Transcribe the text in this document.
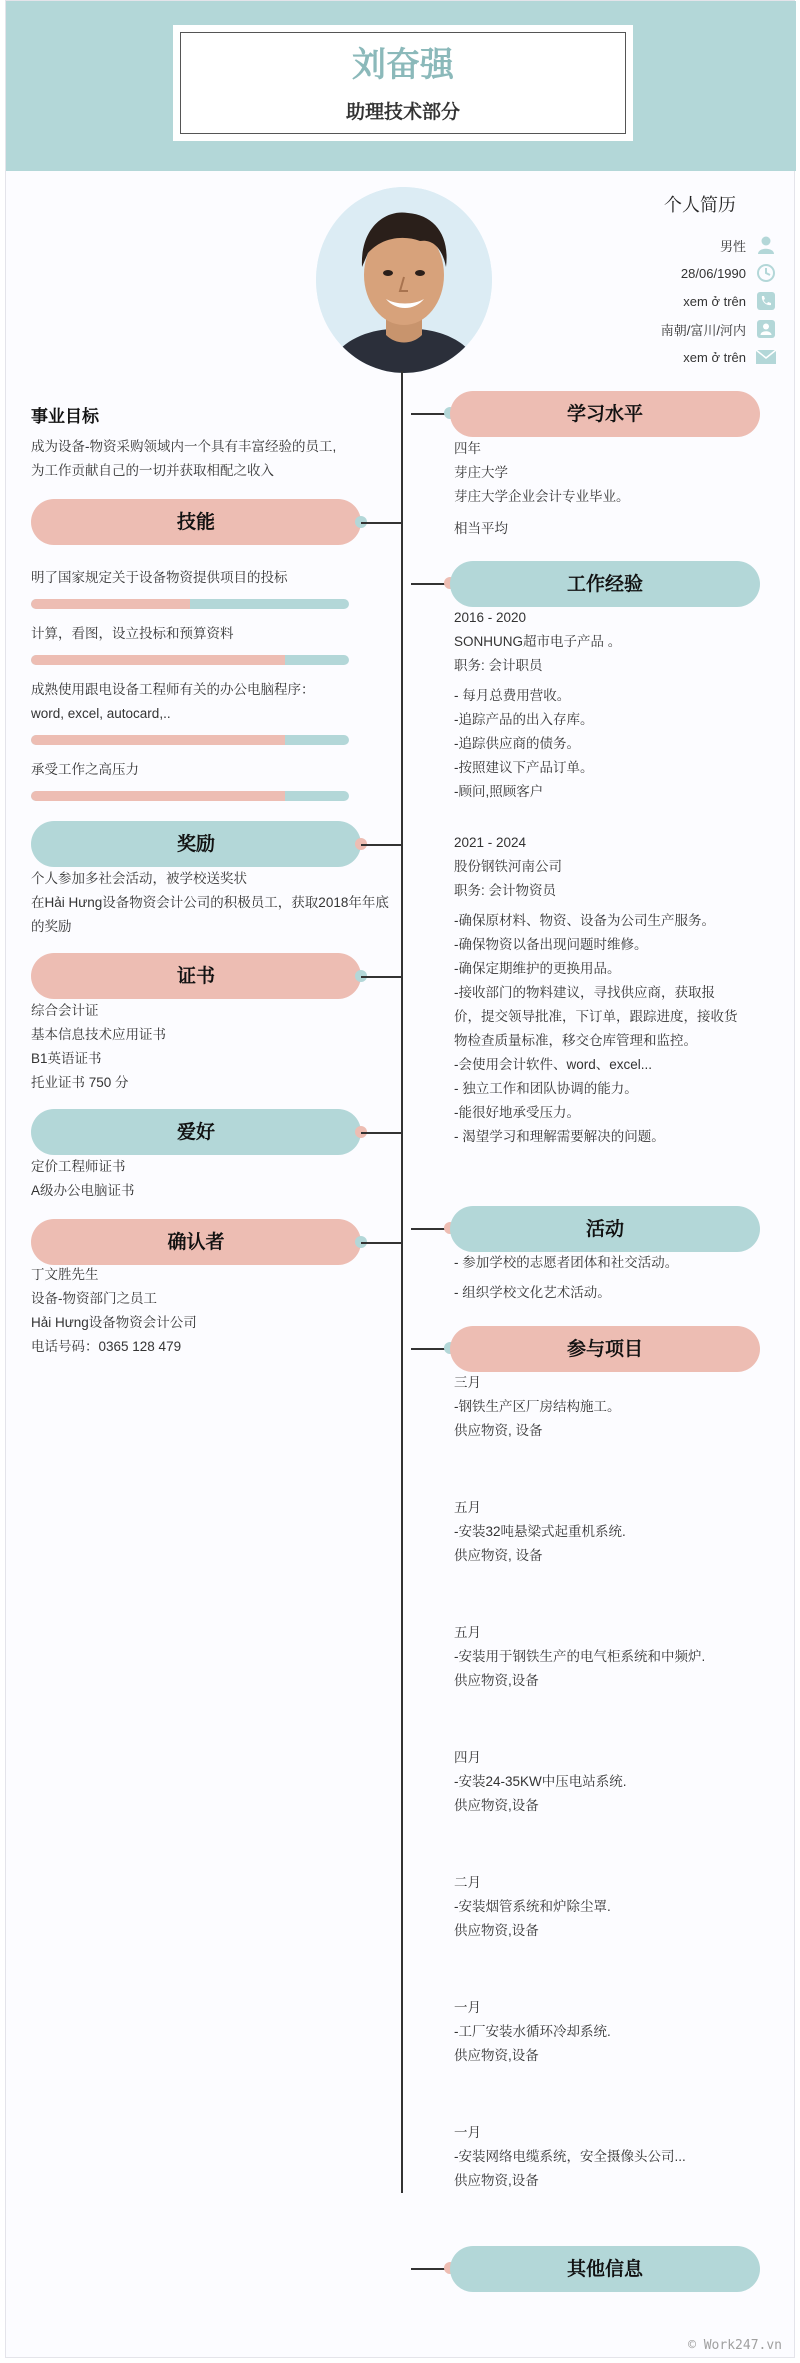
刘奋强
助理技术部分
个人简历
男性
28/06/1990
xem ở trên
南朝/富川/河内
xem ở trên
事业目标
成为设备-物资采购领域内一个具有丰富经验的员工,
为工作贡献自己的一切并获取相配之收入
技能
明了国家规定关于设备物资提供项目的投标
计算，看图，设立投标和预算资料
成熟使用跟电设备工程师有关的办公电脑程序：
word, excel, autocard,..
承受工作之高压力
奖励
个人参加多社会活动，被学校送奖状
在Hải Hưng设备物资会计公司的积极员工，获取2018年年底
的奖励
证书
综合会计证
基本信息技术应用证书
B1英语证书
托业证书 750 分
爱好
定价工程师证书
A级办公电脑证书
确认者
丁文胜先生
设备-物资部门之员工
Hải Hưng设备物资会计公司
电话号码：0365 128 479
学习水平
四年
芽庄大学
芽庄大学企业会计专业毕业。
相当平均
工作经验
2016 - 2020
SONHUNG超市电子产品 。
职务: 会计职员
- 每月总费用营收。
-追踪产品的出入存库。
-追踪供应商的债务。
-按照建议下产品订单。
-顾问,照顾客户
2021 - 2024
股份钢铁河南公司
职务: 会计物资员
-确保原材料、物资、设备为公司生产服务。
-确保物资以备出现问题时维修。
-确保定期维护的更换用品。
-接收部门的物料建议，寻找供应商，获取报
价，提交领导批准，下订单，跟踪进度，接收货
物检查质量标准，移交仓库管理和监控。
-会使用会计软件、word、excel...
- 独立工作和团队协调的能力。
-能很好地承受压力。
- 渴望学习和理解需要解决的问题。
活动
- 参加学校的志愿者团体和社交活动。
- 组织学校文化艺术活动。
参与项目
三月
-钢铁生产区厂房结构施工。
供应物资, 设备
五月
-安装32吨悬梁式起重机系统.
供应物资, 设备
五月
-安装用于钢铁生产的电气柜系统和中频炉.
供应物资,设备
四月
-安装24-35KW中压电站系统.
供应物资,设备
二月
-安装烟管系统和炉除尘罩.
供应物资,设备
一月
-工厂安装水循环冷却系统.
供应物资,设备
一月
-安装网络电缆系统，安全摄像头公司...
供应物资,设备
其他信息
© Work247.vn
